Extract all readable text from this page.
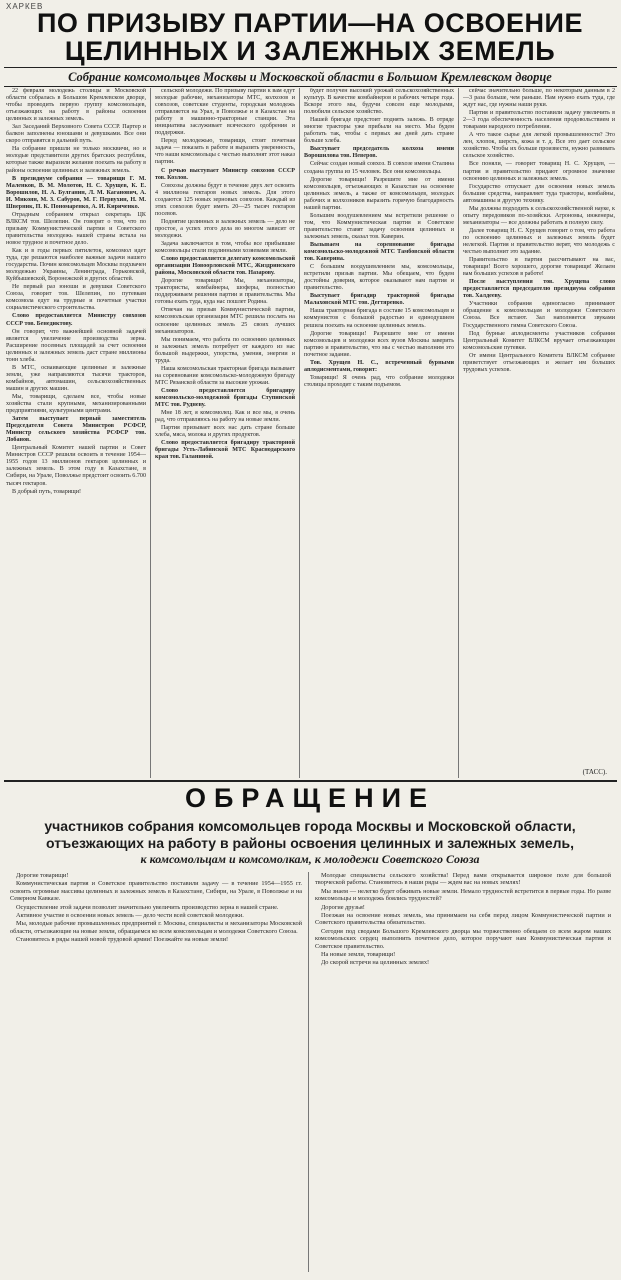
ХАРКЕВ
ПО ПРИЗЫВУ ПАРТИИ—НА ОСВОЕНИЕ
ЦЕЛИННЫХ И ЗАЛЕЖНЫХ ЗЕМЕЛЬ
Собрание комсомольцев Москвы и Московской области в Большом Кремлевском дворце

22 февраля молодежь столицы и Московской области собралась в Большом Кремлевском дворце, чтобы проводить первую группу комсомольцев, отъезжающих на работу в районы освоения целинных и залежных земель.

Зал Заседаний Верховного Совета СССР. Партер и балкон заполнены юношами и девушками. Все они скоро отправятся в дальний путь.

На собрание пришли не только москвичи, но и молодые представители других братских республик, которые также выразили желание поехать на работу в районы освоения целинных и залежных земель.

В президиуме собрания — товарищи Г. М. Маленков, В. М. Молотов, Н. С. Хрущев, К. Е. Ворошилов, Н. А. Булганин, Л. М. Каганович, А. И. Микоян, М. З. Сабуров, М. Г. Первухин, Н. М. Шверник, П. К. Пономаренко, А. И. Кириченко.

Отрадным собранием открыл секретарь ЦК ВЛКСМ тов. Шелепин. Он говорит о том, что по призыву Коммунистической партии и Советского правительства молодежь нашей страны встала на новое трудное и почетное дело.

Как и в годы первых пятилеток, комсомол идет туда, где решаются наиболее важные задачи нашего государства. Почин комсомольцев Москвы подхвачен молодежью Украины, Ленинграда, Горьковской, Куйбышевской, Воронежской и других областей.

Не первый раз юноши и девушки Советского Союза, говорит тов. Шелепин, по путевкам комсомола едут на трудные и почетные участки социалистического строительства.

Слово предоставляется Министру совхозов СССР тов. Бенедиктову.

Он говорит, что важнейшей основной задачей является увеличение производства зерна. Расширение посевных площадей за счет освоения целинных и залежных земель даст стране миллионы тонн хлеба.

В МТС, осваивающие целинные и залежные земли, уже направляются тысячи тракторов, комбайнов, автомашин, сельскохозяйственных машин и других машин.

Мы, товарищи, сделаем все, чтобы новые хозяйства стали крупными, механизированными предприятиями, культурными центрами.

Затем выступает первый заместитель Председателя Совета Министров РСФСР, Министр сельского хозяйства РСФСР тов. Лобанов.

Центральный Комитет нашей партии и Совет Министров СССР решили освоить в течение 1954—1955 годов 13 миллионов гектаров целинных и залежных земель. В этом году в Казахстане, в Сибири, на Урале, Поволжье предстоит освоить 6.700 тысяч гектаров.

В добрый путь, товарищи!

сельской молодежи. По призыву партии к вам едут молодые рабочие, механизаторы МТС, колхозов и совхозов, советские студенты, городская молодежь отправляется на Урал, в Поволжье и в Казахстан на работу в машинно-тракторные станции. Эта инициатива заслуживает всяческого одобрения и поддержки.

Перед молодежью, товарищи, стоит почетная задача — показать в работе и выразить уверенность, что наши комсомольцы с честью выполнят этот наказ партии.

С речью выступает Министр совхозов СССР тов. Козлов.

Совхозы должны будут в течение двух лет освоить 4 миллиона гектаров новых земель. Для этого создаются 125 новых зерновых совхозов. Каждый из этих совхозов будет иметь 20—25 тысяч гектаров посевов.

Поднятие целинных и залежных земель — дело не простое, а успех этого дела во многом зависит от молодежи.

Задача заключается в том, чтобы все прибывшие комсомольцы стали подлинными хозяевами земли.

Слово предоставляется делегату комсомольской организации Новоорловской МТС, Жиздринского района, Московской области тов. Назарову.

Дорогие товарищи! Мы, механизаторы, трактористы, комбайнеры, шоферы, полностью поддерживаем решения партии и правительства. Мы готовы ехать туда, куда нас пошлет Родина.

Отвечая на призыв Коммунистической партии, комсомольская организация МТС решила послать на освоение целинных земель 25 своих лучших механизаторов.

Мы понимаем, что работа по освоению целинных и залежных земель потребует от каждого из нас большой выдержки, упорства, умения, энергии и труда.

Наша комсомольская тракторная бригада вызывает на соревнование комсомольско-молодежную бригаду МТС Рязанской области за высокие урожаи.

Слово предоставляется бригадиру комсомольско-молодежной бригады Ступинской МТС тов. Рудневу.

Мне 18 лет, я комсомолец. Как и все мы, я очень рад, что отправляюсь на работу на новые земли.

Партия призывает всех нас дать стране больше хлеба, мяса, молока и других продуктов.

Слово предоставляется бригадиру тракторной бригады Усть-Лабинской МТС Краснодарского края тов. Галаниной.

будет получен высокий урожай сельскохозяйственных культур. В качестве комбайнеров и рабочих четыре года. Вскоре этого мы, будучи совсем еще молодыми, полюбили сельское хозяйство.

Нашей бригаде предстоит поднять залежь. В отряде многие тракторы уже прибыли на место. Мы будем работать так, чтобы с первых же дней дать стране больше хлеба.

Выступает председатель колхоза имени Ворошилова тов. Неверов.

Сейчас создан новый совхоз. В совхозе имени Сталина создана группа из 15 человек. Все они комсомольцы.

Дорогие товарищи! Разрешите мне от имени комсомольцев, отъезжающих в Казахстан на освоение целинных земель, а также от комсомольцев, молодых рабочих и колхозников выразить горячую благодарность нашей партии.

Большим воодушевлением мы встретили решение о том, что Коммунистическая партия и Советское правительство ставят задачу освоения целинных и залежных земель, сказал тов. Каверин.

Вызываем на соревнование бригады комсомольско-молодежной МТС Тамбовской области тов. Каверина.

С большим воодушевлением мы, комсомольцы, встретили призыв партии. Мы обещаем, что будем достойны доверия, которое оказывают нам партия и правительство.

Выступает бригадир тракторной бригады Малаховской МТС тов. Дегтяренко.

Наша тракторная бригада в составе 15 комсомольцев и коммунистов с большой радостью и единодушием решила поехать на освоение целинных земель.

Дорогие товарищи! Разрешите мне от имени комсомольцев и молодежи всех вузов Москвы заверить партию и правительство, что мы с честью выполним это почетное задание.

Тов. Хрущев Н. С., встреченный бурными аплодисментами, говорит:

Товарищи! Я очень рад, что собрание молодежи столицы проходит с таким подъемом.

сейчас значительно больше, по некоторым данным в 2—3 раза больше, чем раньше. Нам нужно ехать туда, где ждут нас, где нужны наши руки.

Партия и правительство поставили задачу увеличить в 2—3 года обеспеченность населения продовольствием и товарами народного потребления.

А что такое сырье для легкой промышленности? Это лен, хлопок, шерсть, кожа и т. д. Все это дает сельское хозяйство. Чтобы их больше произвести, нужно развивать сельское хозяйство.

Все поняли, — говорит товарищ Н. С. Хрущев, — партия и правительство придают огромное значение освоению целинных и залежных земель.

Государство отпускает для освоения новых земель большие средства, направляет туда тракторы, комбайны, автомашины и другую технику.

Мы должны подходить к сельскохозяйственной науке, к опыту передовиков по-хозяйски. Агрономы, инженеры, механизаторы — все должны работать в полную силу.

Далее товарищ Н. С. Хрущев говорит о том, что работа по освоению целинных и залежных земель будет нелегкой. Партия и правительство верят, что молодежь с честью выполнит это задание.

Правительство и партия рассчитывают на вас, товарищи! Всего хорошего, дорогие товарищи! Желаем вам больших успехов в работе!

После выступления тов. Хрущева слово предоставляется председателю президиума собрания тов. Халдееву.

Участники собрания единогласно принимают обращение к комсомольцам и молодежи Советского Союза. Все встают. Зал наполняется звуками Государственного гимна Советского Союза.

Под бурные аплодисменты участников собрания Центральный Комитет ВЛКСМ вручает отъезжающим комсомольские путевки.

От имени Центрального Комитета ВЛКСМ собрание приветствует отъезжающих и желает им больших трудовых успехов.

(ТАСС).
ОБРАЩЕНИЕ
участников собрания комсомольцев города Москвы и Московской области,
отъезжающих на работу в районы освоения целинных и залежных земель,
к комсомольцам и комсомолкам, к молодежи Советского Союза

Дорогие товарищи!

Коммунистическая партия и Советское правительство поставили задачу — в течение 1954—1955 гг. освоить огромные массивы целинных и залежных земель в Казахстане, Сибири, на Урале, в Поволжье и на Северном Кавказе.

Осуществление этой задачи позволит значительно увеличить производство зерна в нашей стране.

Активное участие в освоении новых земель — дело чести всей советской молодежи.

Мы, молодые рабочие промышленных предприятий г. Москвы, специалисты и механизаторы Московской области, отъезжающие на новые земли, обращаемся ко всем комсомольцам и молодежи Советского Союза.

Становитесь в ряды нашей новой трудовой армии! Поезжайте на новые земли!

Молодые специалисты сельского хозяйства! Перед вами открывается широкое поле для большой творческой работы. Становитесь в наши ряды — ждем вас на новых землях!

Мы знаем — нелегко будет обживать новые земли. Немало трудностей встретится в первые годы. Но разве комсомольцы и молодежь боялись трудностей?

Дорогие друзья!

Поезжая на освоение новых земель, мы принимаем на себя перед лицом Коммунистической партии и Советского правительства обязательство.

Сегодня под сводами Большого Кремлевского дворца мы торжественно обещаем со всем жаром наших комсомольских сердец выполнить почетное дело, которое поручают нам Коммунистическая партия и Советское правительство.

На новые земли, товарищи!

До скорой встречи на целинных землях!
